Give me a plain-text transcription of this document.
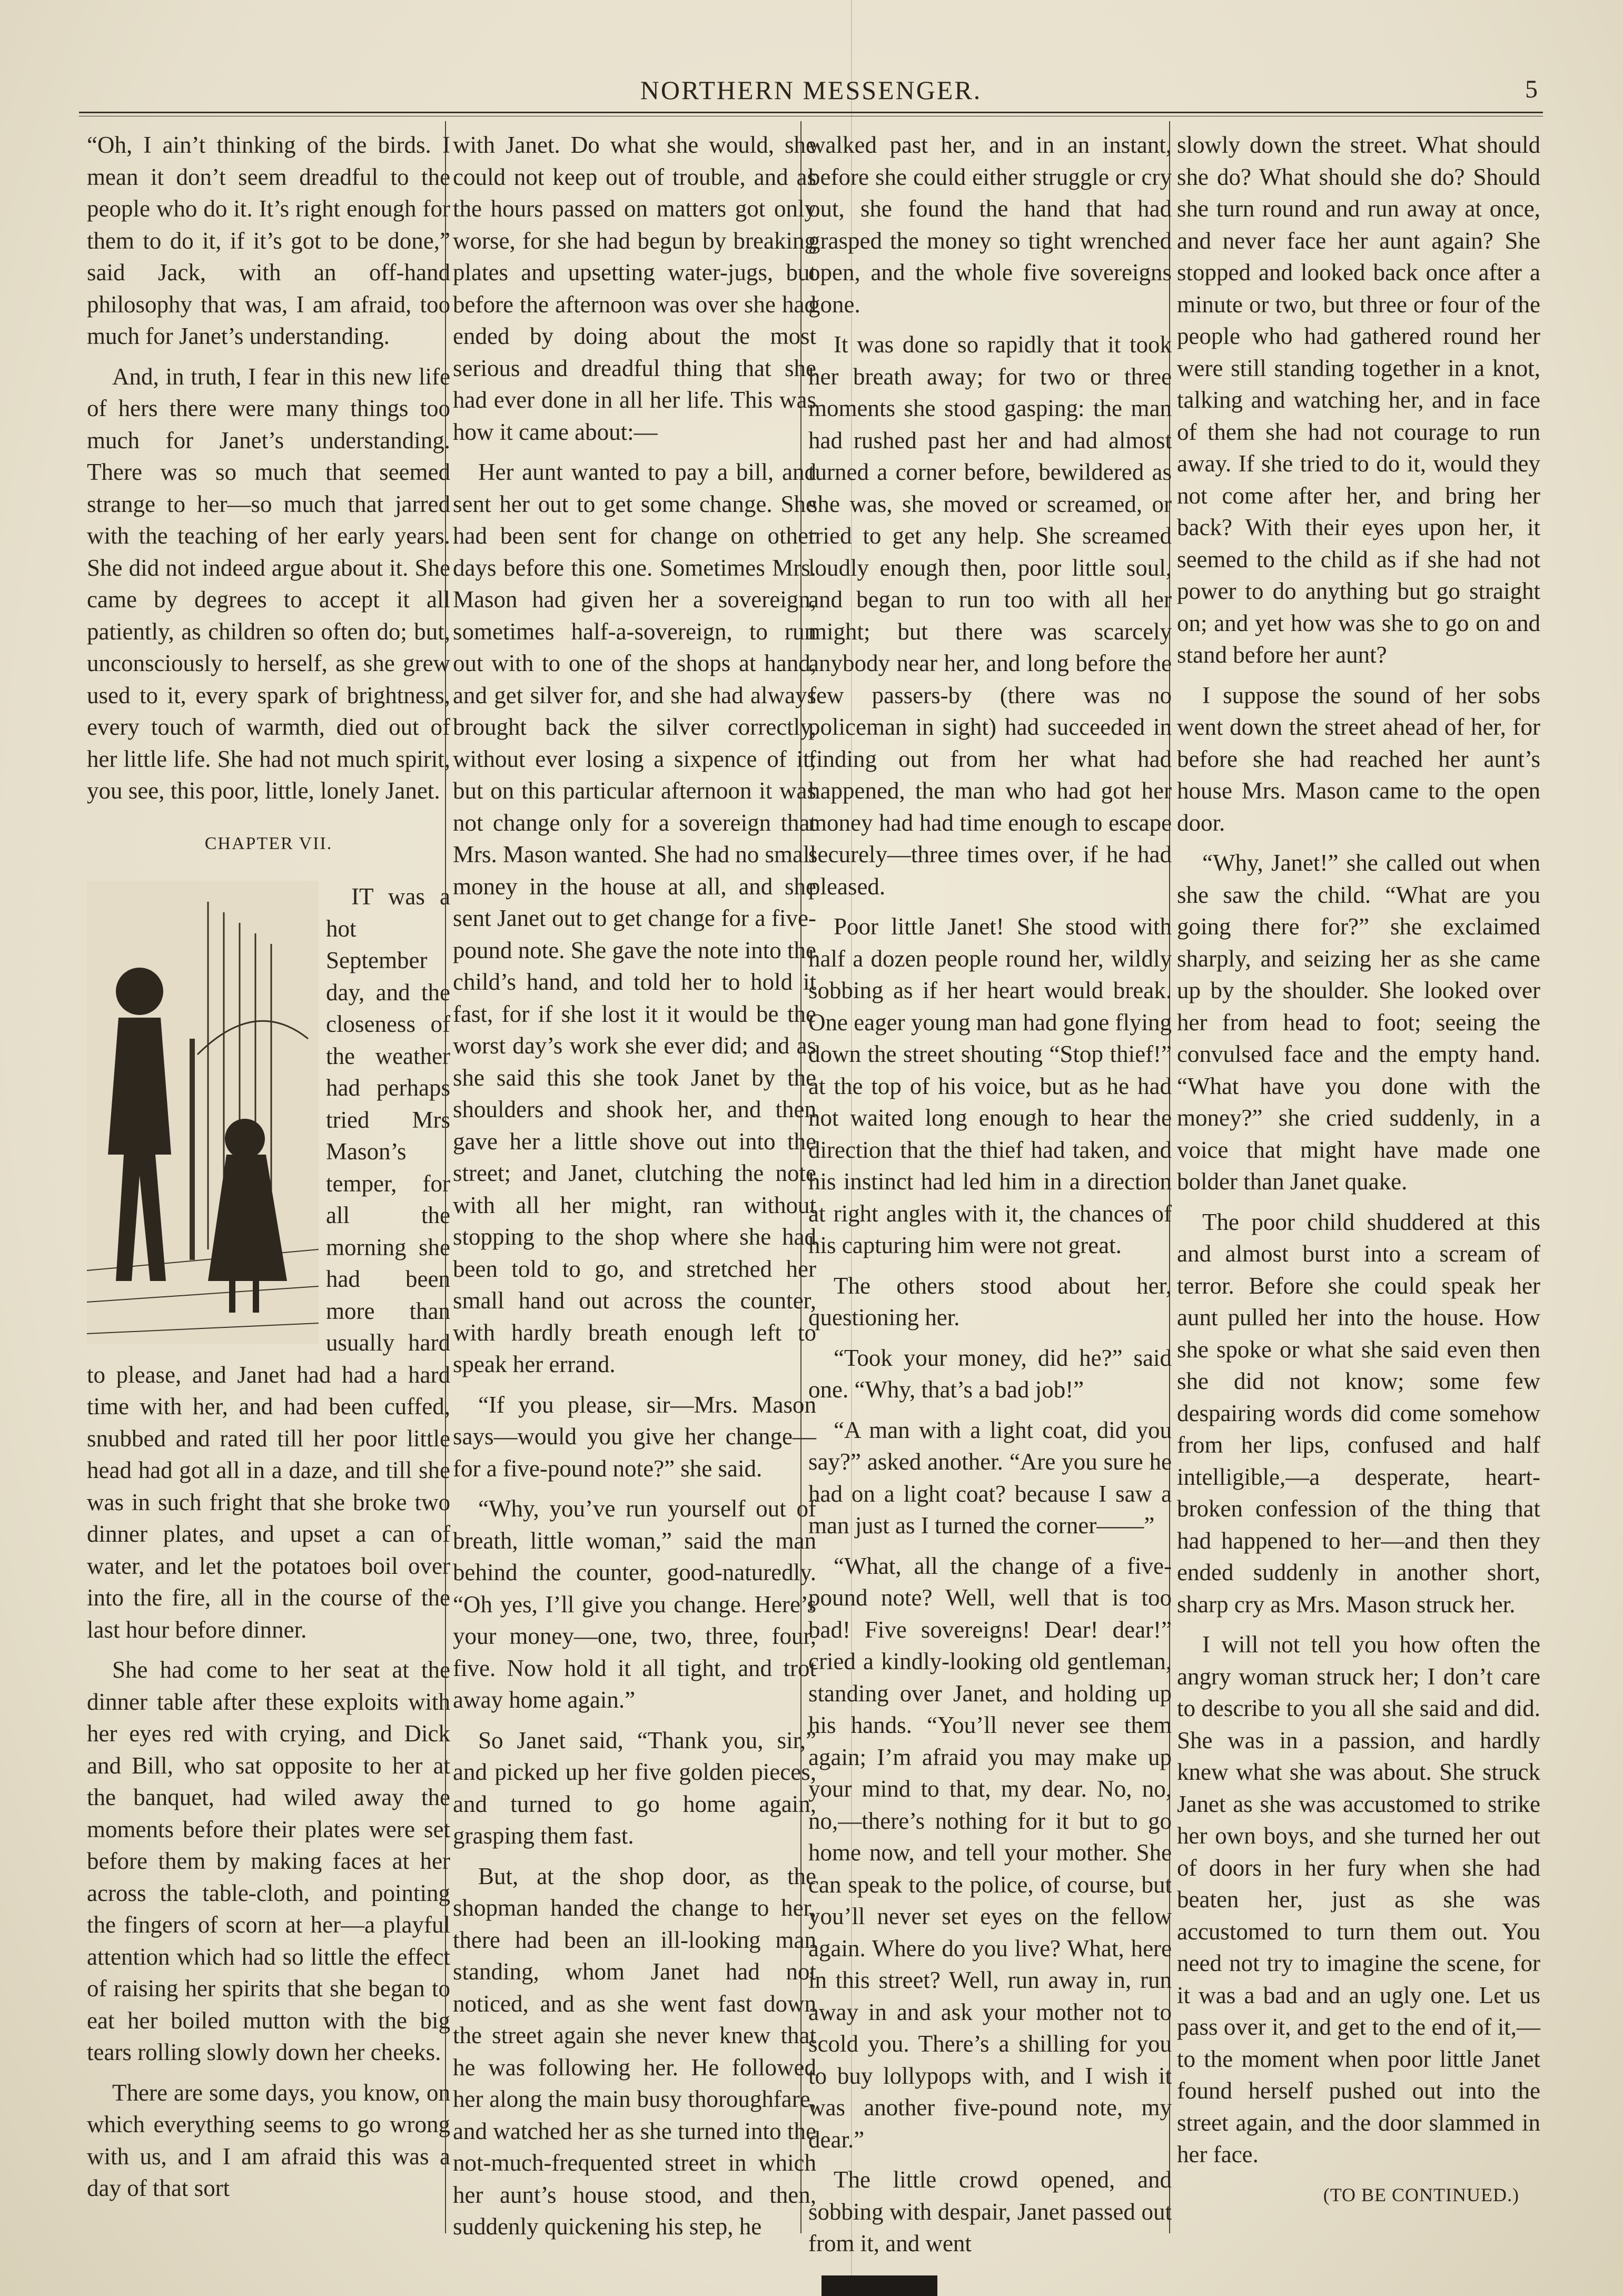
NORTHERN MESSENGER.	5

“Oh, I ain’t thinking of the birds. I mean it don’t seem dreadful to the people who do it. It’s right enough for them to do it, if it’s got to be done,” said Jack, with an off-hand philosophy that was, I am afraid, too much for Janet’s understanding.

And, in truth, I fear in this new life of hers there were many things too much for Janet’s understanding. There was so much that seemed strange to her—so much that jarred with the teaching of her early years. She did not indeed argue about it. She came by degrees to accept it all patiently, as children so often do; but, unconsciously to herself, as she grew used to it, every spark of brightness, every touch of warmth, died out of her little life. She had not much spirit, you see, this poor, little, lonely Janet.

CHAPTER VII.

IT was a hot September day, and the closeness of the weather had perhaps tried Mrs Mason’s temper, for all the morning she had been more than usually hard to please, and Janet had had a hard time with her, and had been cuffed, snubbed and rated till her poor little head had got all in a daze, and till she was in such fright that she broke two dinner plates, and upset a can of water, and let the potatoes boil over into the fire, all in the course of the last hour before dinner.

She had come to her seat at the dinner table after these exploits with her eyes red with crying, and Dick and Bill, who sat opposite to her at the banquet, had wiled away the moments before their plates were set before them by making faces at her across the table-cloth, and pointing the fingers of scorn at her—a playful attention which had so little the effect of raising her spirits that she began to eat her boiled mutton with the big tears rolling slowly down her cheeks.

There are some days, you know, on which everything seems to go wrong with us, and I am afraid this was a day of that sort

with Janet. Do what she would, she could not keep out of trouble, and as the hours passed on matters got only worse, for she had begun by breaking plates and upsetting water-jugs, but before the afternoon was over she had ended by doing about the most serious and dreadful thing that she had ever done in all her life. This was how it came about:—

Her aunt wanted to pay a bill, and sent her out to get some change. She had been sent for change on other days before this one. Sometimes Mrs. Mason had given her a sovereign, sometimes half-a-sovereign, to run out with to one of the shops at hand, and get silver for, and she had always brought back the silver correctly, without ever losing a sixpence of it; but on this particular afternoon it was not change only for a sovereign that Mrs. Mason wanted. She had no small money in the house at all, and she sent Janet out to get change for a five-pound note. She gave the note into the child’s hand, and told her to hold it fast, for if she lost it it would be the worst day’s work she ever did; and as she said this she took Janet by the shoulders and shook her, and then gave her a little shove out into the street; and Janet, clutching the note with all her might, ran without stopping to the shop where she had been told to go, and stretched her small hand out across the counter, with hardly breath enough left to speak her errand.

“If you please, sir—Mrs. Mason says—would you give her change—for a five-pound note?” she said.

“Why, you’ve run yourself out of breath, little woman,” said the man behind the counter, good-naturedly. “Oh yes, I’ll give you change. Here’s your money—one, two, three, four, five. Now hold it all tight, and trot away home again.”

So Janet said, “Thank you, sir,” and picked up her five golden pieces, and turned to go home again, grasping them fast.

But, at the shop door, as the shopman handed the change to her, there had been an ill-looking man standing, whom Janet had not noticed, and as she went fast down the street again she never knew that he was following her. He followed her along the main busy thoroughfare, and watched her as she turned into the not-much-frequented street in which her aunt’s house stood, and then, suddenly quickening his step, he

walked past her, and in an instant, before she could either struggle or cry out, she found the hand that had grasped the money so tight wrenched open, and the whole five sovereigns gone.

It was done so rapidly that it took her breath away; for two or three moments she stood gasping: the man had rushed past her and had almost turned a corner before, bewildered as she was, she moved or screamed, or tried to get any help. She screamed loudly enough then, poor little soul, and began to run too with all her might; but there was scarcely anybody near her, and long before the few passers-by (there was no policeman in sight) had succeeded in finding out from her what had happened, the man who had got her money had had time enough to escape securely—three times over, if he had pleased.

Poor little Janet! She stood with half a dozen people round her, wildly sobbing as if her heart would break. One eager young man had gone flying down the street shouting “Stop thief!” at the top of his voice, but as he had not waited long enough to hear the direction that the thief had taken, and his instinct had led him in a direction at right angles with it, the chances of his capturing him were not great.

The others stood about her, questioning her.

“Took your money, did he?” said one. “Why, that’s a bad job!”

“A man with a light coat, did you say?” asked another. “Are you sure he had on a light coat? because I saw a man just as I turned the corner——”

“What, all the change of a five-pound note? Well, well that is too bad! Five sovereigns! Dear! dear!” cried a kindly-looking old gentleman, standing over Janet, and holding up his hands. “You’ll never see them again; I’m afraid you may make up your mind to that, my dear. No, no, no,—there’s nothing for it but to go home now, and tell your mother. She can speak to the police, of course, but you’ll never set eyes on the fellow again. Where do you live? What, here in this street? Well, run away in, run away in and ask your mother not to scold you. There’s a shilling for you to buy lollypops with, and I wish it was another five-pound note, my dear.”

The little crowd opened, and sobbing with despair, Janet passed out from it, and went

slowly down the street. What should she do? What should she do? Should she turn round and run away at once, and never face her aunt again? She stopped and looked back once after a minute or two, but three or four of the people who had gathered round her were still standing together in a knot, talking and watching her, and in face of them she had not courage to run away. If she tried to do it, would they not come after her, and bring her back? With their eyes upon her, it seemed to the child as if she had not power to do anything but go straight on; and yet how was she to go on and stand before her aunt?

I suppose the sound of her sobs went down the street ahead of her, for before she had reached her aunt’s house Mrs. Mason came to the open door.

“Why, Janet!” she called out when she saw the child. “What are you going there for?” she exclaimed sharply, and seizing her as she came up by the shoulder. She looked over her from head to foot; seeing the convulsed face and the empty hand. “What have you done with the money?” she cried suddenly, in a voice that might have made one bolder than Janet quake.

The poor child shuddered at this and almost burst into a scream of terror. Before she could speak her aunt pulled her into the house. How she spoke or what she said even then she did not know; some few despairing words did come somehow from her lips, confused and half intelligible,—a desperate, heart-broken confession of the thing that had happened to her—and then they ended suddenly in another short, sharp cry as Mrs. Mason struck her.

I will not tell you how often the angry woman struck her; I don’t care to describe to you all she said and did. She was in a passion, and hardly knew what she was about. She struck Janet as she was accustomed to strike her own boys, and she turned her out of doors in her fury when she had beaten her, just as she was accustomed to turn them out. You need not try to imagine the scene, for it was a bad and an ugly one. Let us pass over it, and get to the end of it,—to the moment when poor little Janet found herself pushed out into the street again, and the door slammed in her face.

(TO BE CONTINUED.)
